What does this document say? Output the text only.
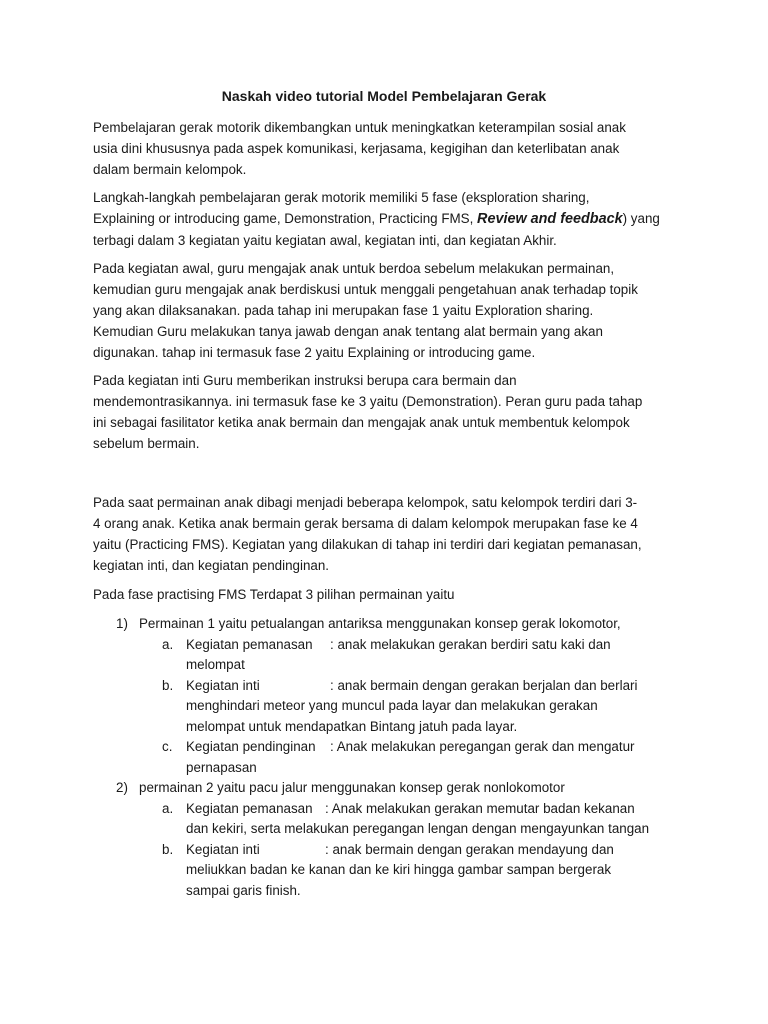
Naskah video tutorial Model Pembelajaran Gerak
Pembelajaran gerak motorik dikembangkan untuk meningkatkan keterampilan sosial anak
usia dini khususnya pada aspek komunikasi, kerjasama, kegigihan dan keterlibatan anak
dalam bermain kelompok.
Langkah-langkah pembelajaran gerak motorik memiliki 5 fase (eksploration sharing,
Explaining or introducing game, Demonstration, Practicing FMS, Review and feedback) yang
terbagi dalam 3 kegiatan yaitu kegiatan awal, kegiatan inti, dan kegiatan Akhir.
Pada kegiatan awal, guru mengajak anak untuk berdoa sebelum melakukan permainan,
kemudian guru mengajak anak berdiskusi untuk menggali pengetahuan anak terhadap topik
yang akan dilaksanakan. pada tahap ini merupakan fase 1 yaitu Exploration sharing.
Kemudian Guru melakukan tanya jawab dengan anak tentang alat bermain yang akan
digunakan. tahap ini termasuk fase 2 yaitu Explaining or introducing game.
Pada kegiatan inti Guru memberikan instruksi berupa cara bermain dan
mendemontrasikannya. ini termasuk fase ke 3 yaitu (Demonstration). Peran guru pada tahap
ini sebagai fasilitator ketika anak bermain dan mengajak anak untuk membentuk kelompok
sebelum bermain.
Pada saat permainan anak dibagi menjadi beberapa kelompok, satu kelompok terdiri dari 3-
4 orang anak. Ketika anak bermain gerak bersama di dalam kelompok merupakan fase ke 4
yaitu (Practicing FMS). Kegiatan yang dilakukan di tahap ini terdiri dari kegiatan pemanasan,
kegiatan inti, dan kegiatan pendinginan.
Pada fase practising FMS Terdapat 3 pilihan permainan yaitu
1) Permainan 1 yaitu petualangan antariksa menggunakan konsep gerak lokomotor,
a. Kegiatan pemanasan : anak melakukan gerakan berdiri satu kaki dan
melompat
b. Kegiatan inti	: anak bermain dengan gerakan berjalan dan berlari
menghindari meteor yang muncul pada layar dan melakukan gerakan
melompat untuk mendapatkan Bintang jatuh pada layar.
c. Kegiatan pendinginan : Anak melakukan peregangan gerak dan mengatur
pernapasan
2) permainan 2 yaitu pacu jalur menggunakan konsep gerak nonlokomotor
a. Kegiatan pemanasan : Anak melakukan gerakan memutar badan kekanan
dan kekiri, serta melakukan peregangan lengan dengan mengayunkan tangan
b. Kegiatan inti	: anak bermain dengan gerakan mendayung dan
meliukkan badan ke kanan dan ke kiri hingga gambar sampan bergerak
sampai garis finish.
